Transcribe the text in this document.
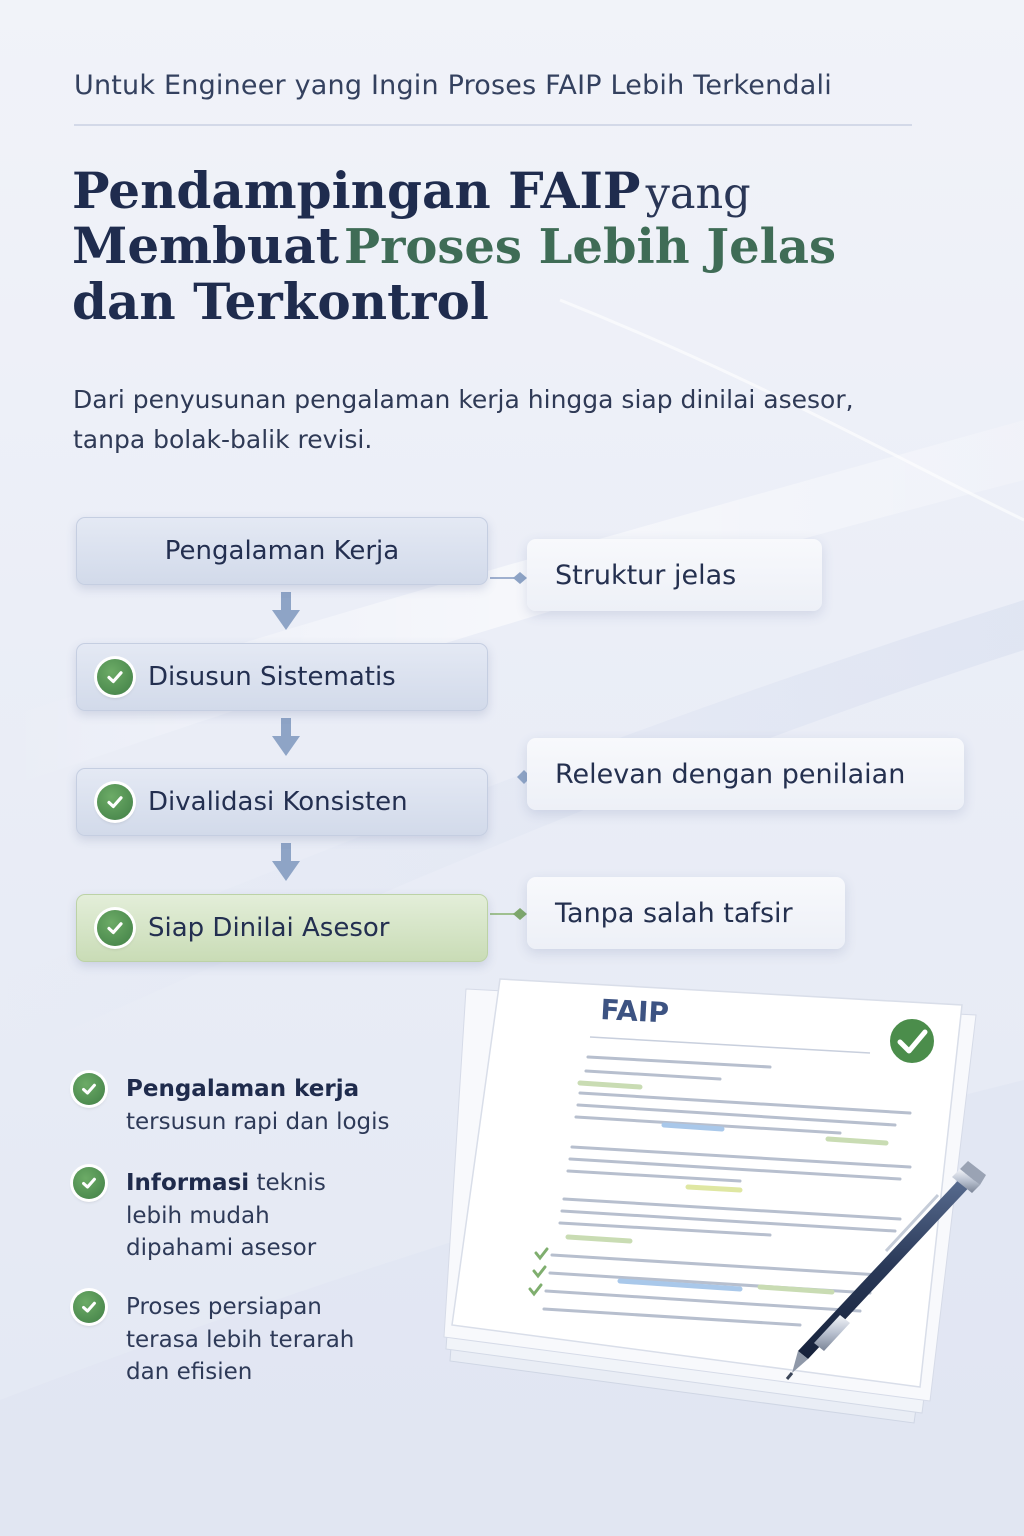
Untuk Engineer yang Ingin Proses FAIP Lebih Terkendali
Pendampingan FAIP yang
Membuat Proses Lebih Jelas
dan Terkontrol
Dari penyusunan pengalaman kerja hingga siap dinilai asesor,
tanpa bolak-balik revisi.
Pengalaman Kerja
Disusun Sistematis
Divalidasi Konsisten
Siap Dinilai Asesor
Struktur jelas
Relevan dengan penilaian
Tanpa salah tafsir
Pengalaman kerja
tersusun rapi dan logis
Informasi teknis
lebih mudah
dipahami asesor
Proses persiapan
terasa lebih terarah
dan efisien
FAIP
